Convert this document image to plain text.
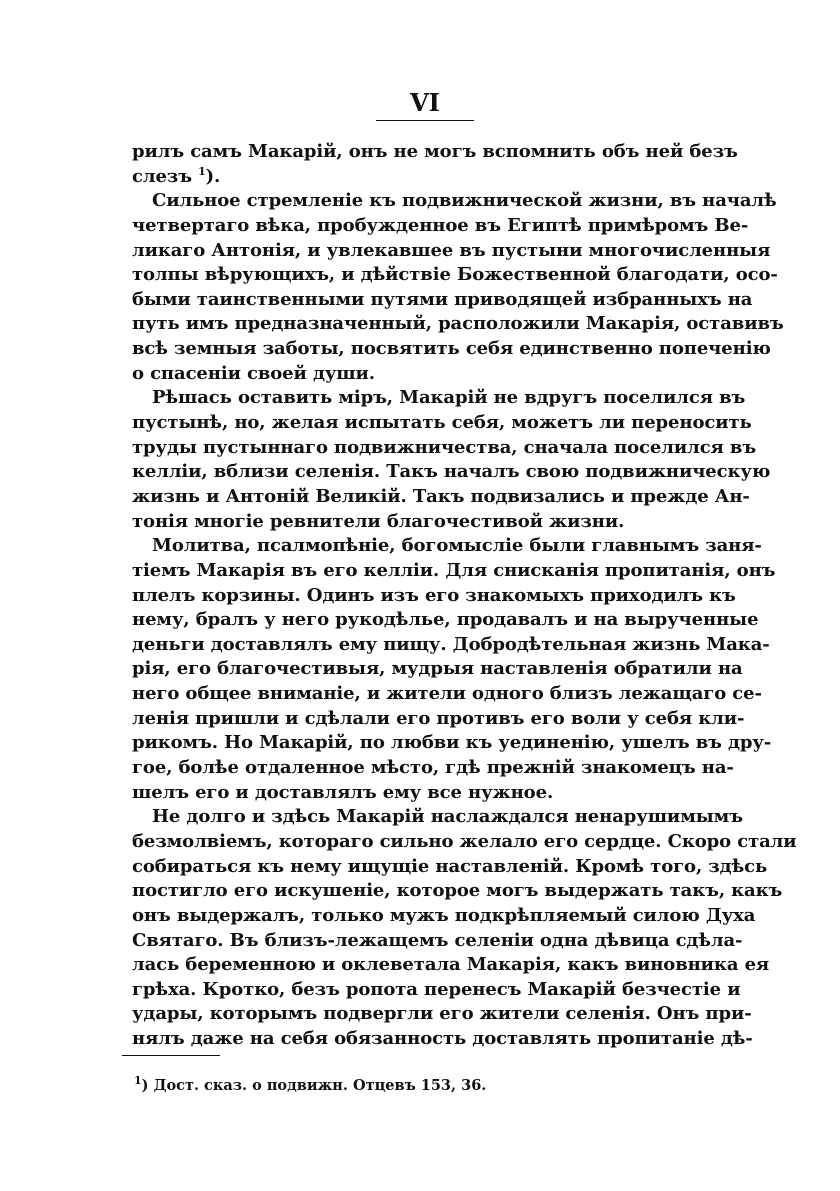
VI
рилъ самъ Макарій, онъ не могъ вспомнить объ ней безъ
слезъ $^1$).
Сильное стремленіе къ подвижнической жизни, въ началѣ
четвертаго вѣка, пробужденное въ Египтѣ примѣромъ Ве-
ликаго Антонія, и увлекавшее въ пустыни многочисленныя
толпы вѣрующихъ, и дѣйствіе Божественной благодати, осо-
быми таинственными путями приводящей избранныхъ на
путь имъ предназначенный, расположили Макарія, оставивъ
всѣ земныя заботы, посвятить себя единственно попеченію
о спасеніи своей души.
Рѣшась оставить міръ, Макарій не вдругъ поселился въ
пустынѣ, но, желая испытать себя, можетъ ли переносить
труды пустыннаго подвижничества, сначала поселился въ
келліи, вблизи селенія. Такъ началъ свою подвижническую
жизнь и Антоній Великій. Такъ подвизались и прежде Ан-
тонія многіе ревнители благочестивой жизни.
Молитва, псалмопѣніе, богомысліе были главнымъ заня-
тіемъ Макарія въ его келліи. Для снисканія пропитанія, онъ
плелъ корзины. Одинъ изъ его знакомыхъ приходилъ къ
нему, бралъ у него рукодѣлье, продавалъ и на вырученные
деньги доставлялъ ему пищу. Добродѣтельная жизнь Мака-
рія, его благочестивыя, мудрыя наставленія обратили на
него общее вниманіе, и жители одного близъ лежащаго се-
ленія пришли и сдѣлали его противъ его воли у себя кли-
рикомъ. Но Макарій, по любви къ уединенію, ушелъ въ дру-
гое, болѣе отдаленное мѣсто, гдѣ прежній знакомецъ на-
шелъ его и доставлялъ ему все нужное.
Не долго и здѣсь Макарій наслаждался ненарушимымъ
безмолвіемъ, котораго сильно желало его сердце. Скоро стали
собираться къ нему ищущіе наставленій. Кромѣ того, здѣсь
постигло его искушеніе, которое могъ выдержать такъ, какъ
онъ выдержалъ, только мужъ подкрѣпляемый силою Духа
Святаго. Въ близъ-лежащемъ селеніи одна дѣвица сдѣла-
лась беременною и оклеветала Макарія, какъ виновника ея
грѣха. Кротко, безъ ропота перенесъ Макарій безчестіе и
удары, которымъ подвергли его жители селенія. Онъ при-
нялъ даже на себя обязанность доставлять пропитаніе дѣ-
$^1$) Дост. сказ. о подвижн. Отцевъ 153, 36.
